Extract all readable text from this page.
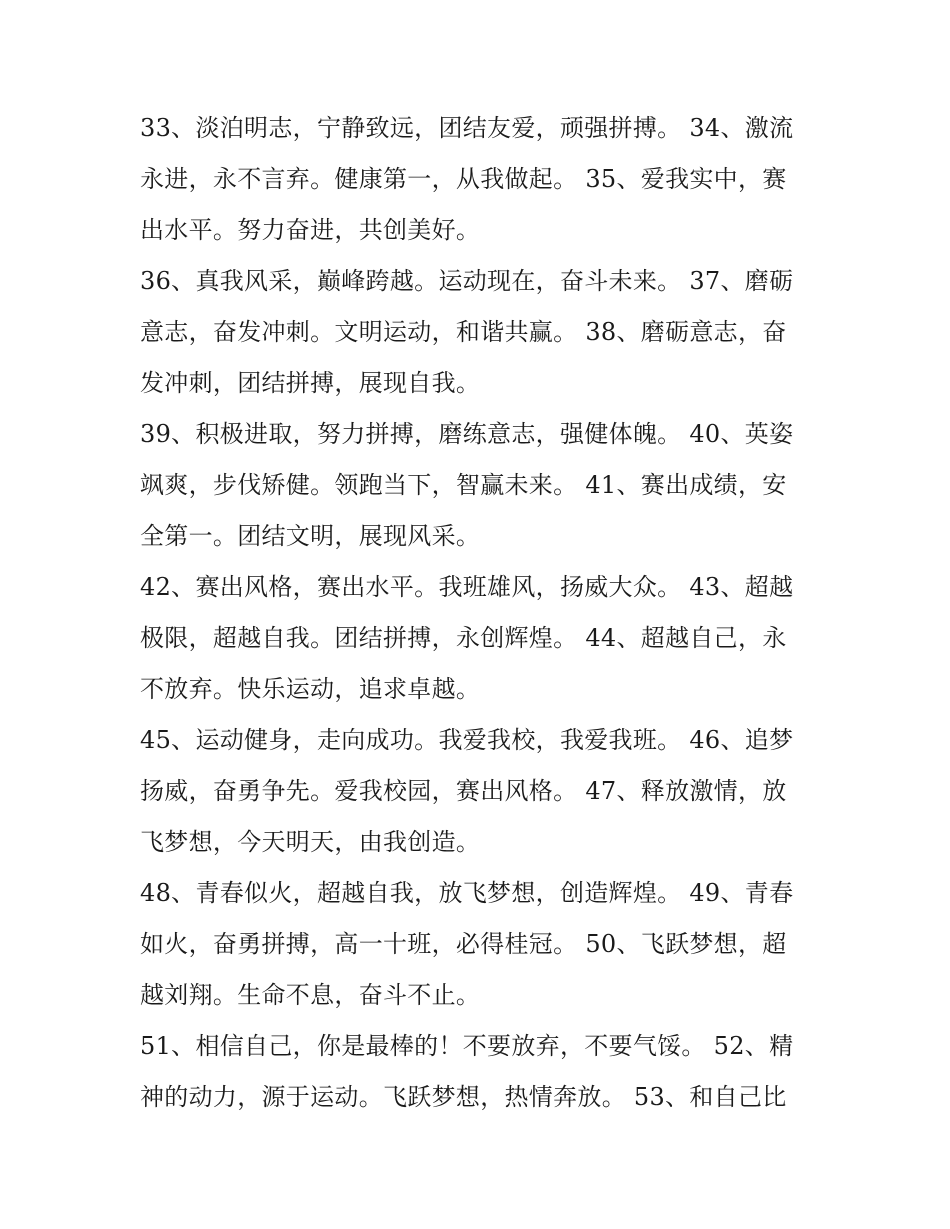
33、淡泊明志，宁静致远，团结友爱，顽强拼搏。 34、激流
永进，永不言弃。健康第一，从我做起。 35、爱我实中，赛
出水平。努力奋进，共创美好。

36、真我风采，巅峰跨越。运动现在，奋斗未来。 37、磨砺
意志，奋发冲刺。文明运动，和谐共赢。 38、磨砺意志，奋
发冲刺，团结拼搏，展现自我。

39、积极进取，努力拼搏，磨练意志，强健体魄。 40、英姿
飒爽，步伐矫健。领跑当下，智赢未来。 41、赛出成绩，安
全第一。团结文明，展现风采。

42、赛出风格，赛出水平。我班雄风，扬威大众。 43、超越
极限，超越自我。团结拼搏，永创辉煌。 44、超越自己，永
不放弃。快乐运动，追求卓越。

45、运动健身，走向成功。我爱我校，我爱我班。 46、追梦
扬威，奋勇争先。爱我校园，赛出风格。 47、释放激情，放
飞梦想，今天明天，由我创造。

48、青春似火，超越自我，放飞梦想，创造辉煌。 49、青春
如火，奋勇拼搏，高一十班，必得桂冠。 50、飞跃梦想，超
越刘翔。生命不息，奋斗不止。

51、相信自己，你是最棒的！不要放弃，不要气馁。 52、精
神的动力，源于运动。飞跃梦想，热情奔放。 53、和自己比
